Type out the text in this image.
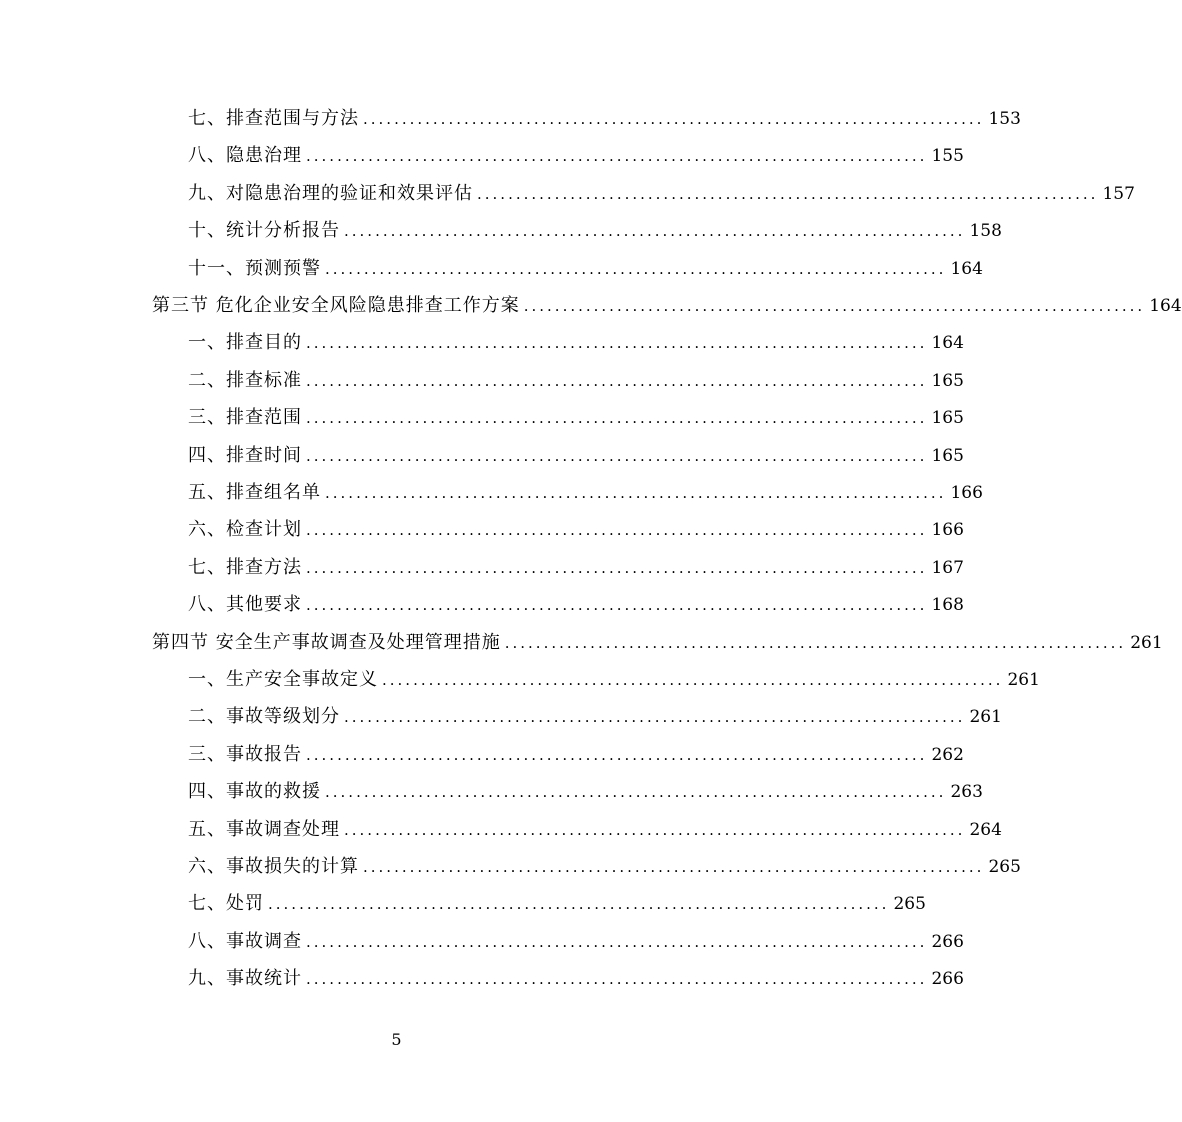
七、排查范围与方法 ................................................................................ 153
八、隐患治理 ................................................................................ 155
九、对隐患治理的验证和效果评估 ................................................................................ 157
十、统计分析报告 ................................................................................ 158
十一、预测预警 ................................................................................ 164
第三节 危化企业安全风险隐患排查工作方案 ................................................................................ 164
一、排查目的 ................................................................................ 164
二、排查标准 ................................................................................ 165
三、排查范围 ................................................................................ 165
四、排查时间 ................................................................................ 165
五、排查组名单 ................................................................................ 166
六、检查计划 ................................................................................ 166
七、排查方法 ................................................................................ 167
八、其他要求 ................................................................................ 168
第四节 安全生产事故调查及处理管理措施 ................................................................................ 261
一、生产安全事故定义 ................................................................................ 261
二、事故等级划分 ................................................................................ 261
三、事故报告 ................................................................................ 262
四、事故的救援 ................................................................................ 263
五、事故调查处理 ................................................................................ 264
六、事故损失的计算 ................................................................................ 265
七、处罚 ................................................................................ 265
八、事故调查 ................................................................................ 266
九、事故统计 ................................................................................ 266
5
